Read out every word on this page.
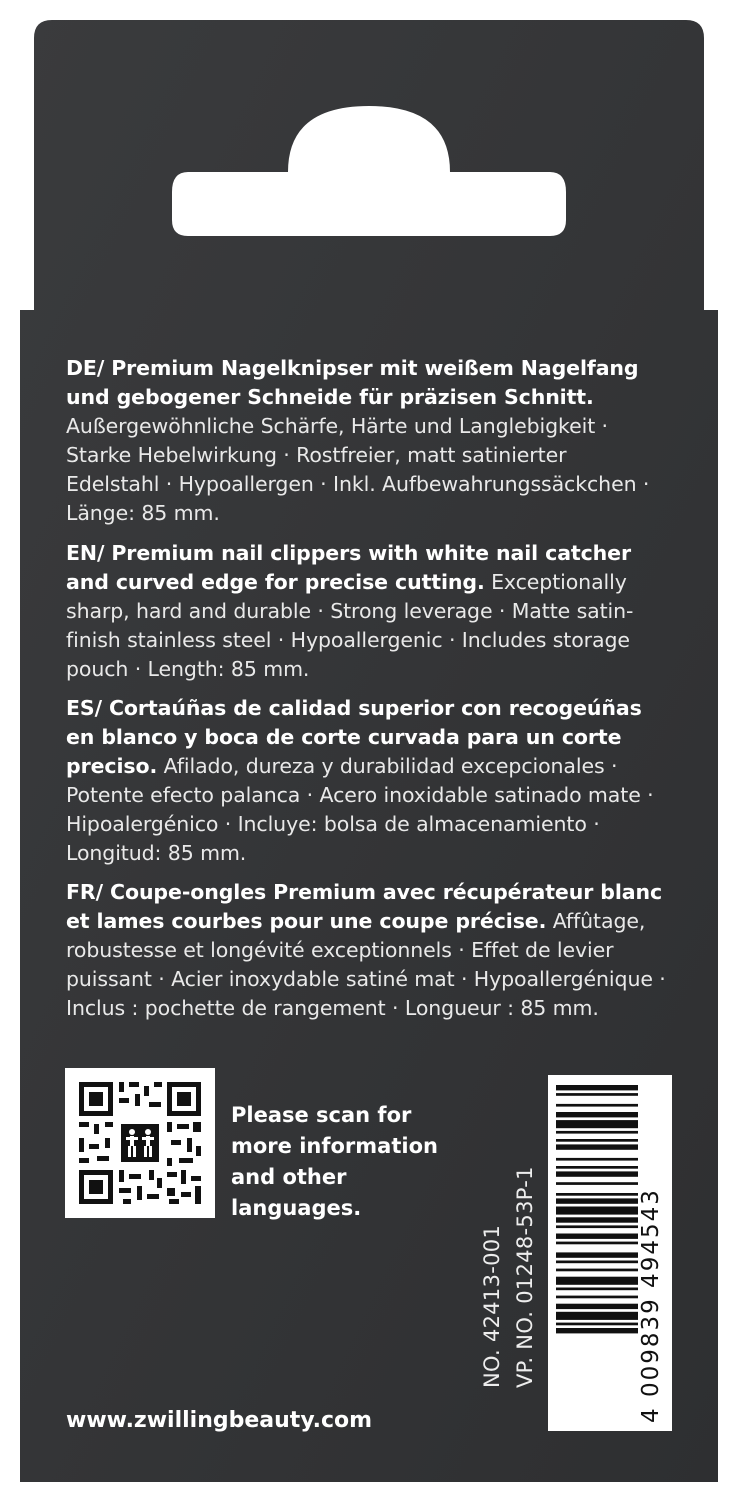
DE/ Premium Nagelknipser mit weißem Nagelfang und gebogener Schneide für präzisen Schnitt. Außergewöhnliche Schärfe, Härte und Langlebigkeit · Starke Hebelwirkung · Rostfreier, matt satinierter Edelstahl · Hypoallergen · Inkl. Aufbewahrungssäckchen · Länge: 85 mm.
EN/ Premium nail clippers with white nail catcher and curved edge for precise cutting. Exceptionally sharp, hard and durable · Strong leverage · Matte satin-finish stainless steel · Hypoallergenic · Includes storage pouch · Length: 85 mm.
ES/ Cortaúñas de calidad superior con recogeúñas en blanco y boca de corte curvada para un corte preciso. Afilado, dureza y durabilidad excepcionales · Potente efecto palanca · Acero inoxidable satinado mate · Hipoalergénico · Incluye: bolsa de almacenamiento · Longitud: 85 mm.
FR/ Coupe-ongles Premium avec récupérateur blanc et lames courbes pour une coupe précise. Affûtage, robustesse et longévité exceptionnels · Effet de levier puissant · Acier inoxydable satiné mat · Hypoallergénique · Inclus : pochette de rangement · Longueur : 85 mm.
Please scan for more information and other languages.
NO. 42413-001 VP. NO. 01248-53P-1	4 009839 494543
www.zwillingbeauty.com
